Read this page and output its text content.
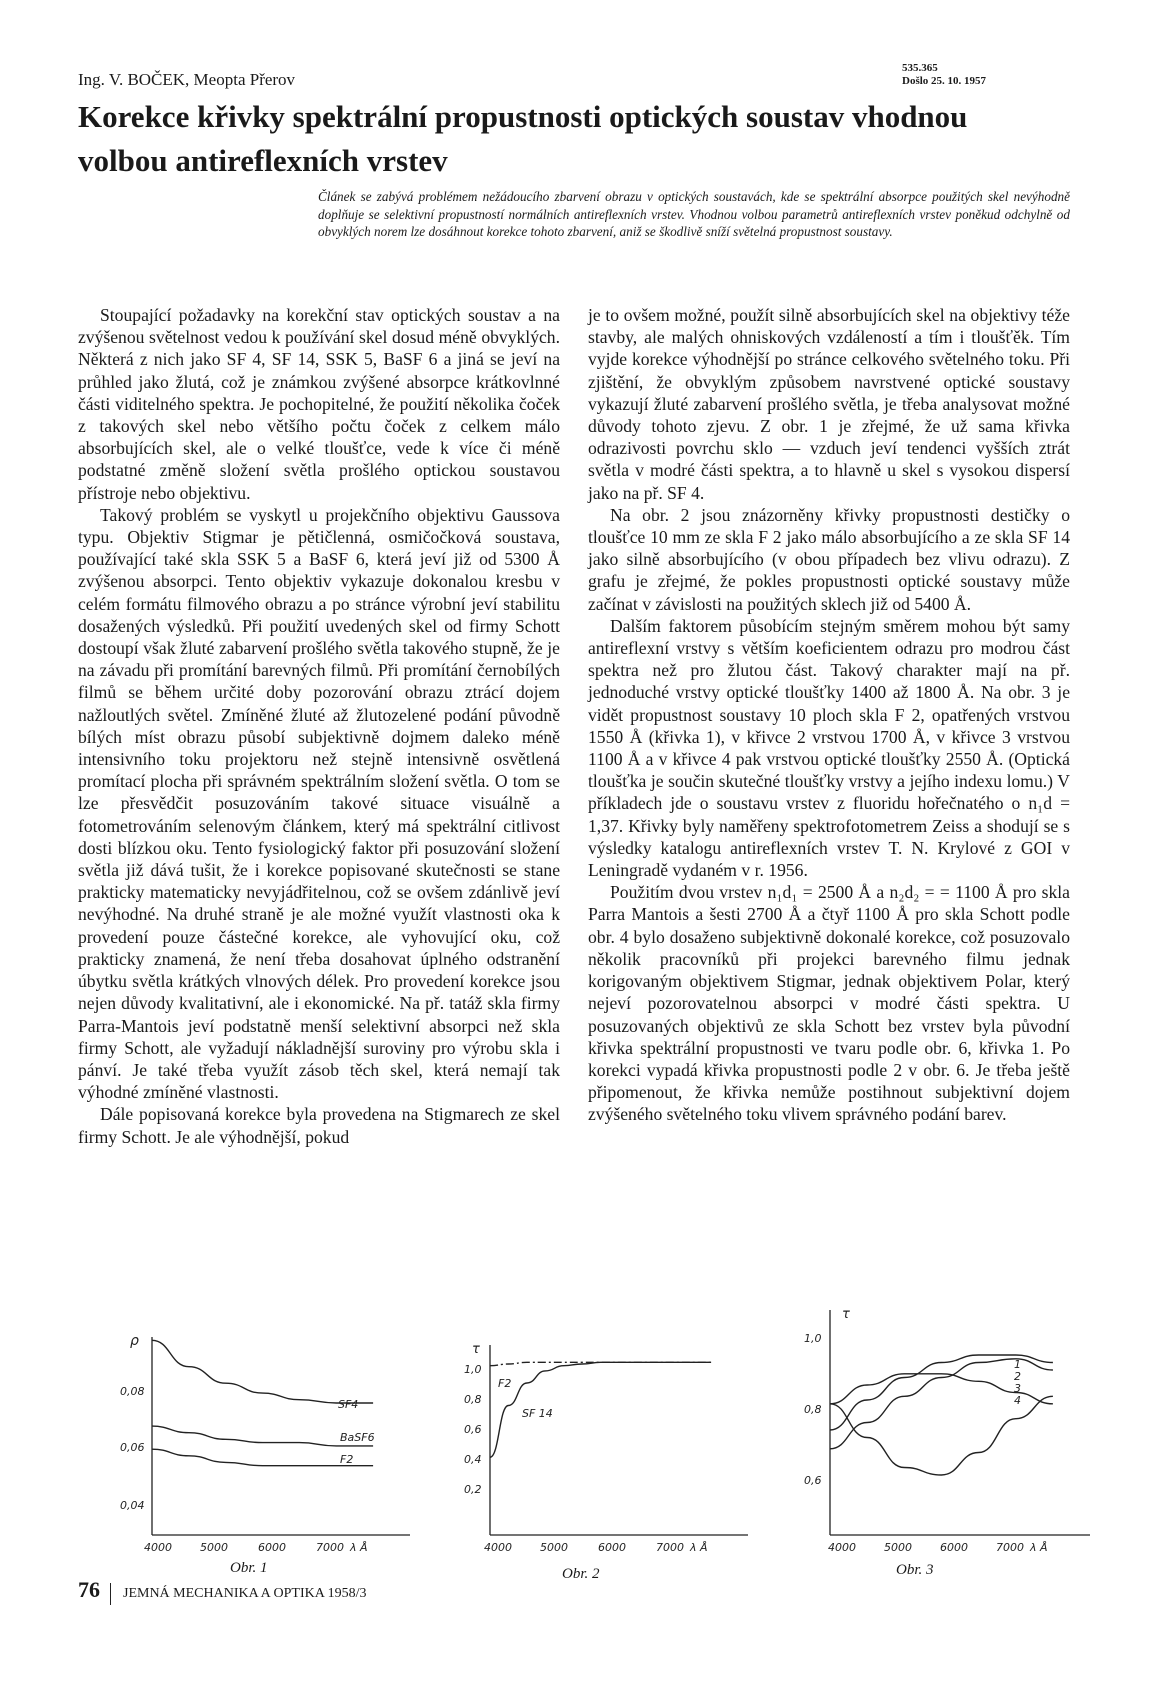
Ing. V. BOČEK, Meopta Přerov
535.365
Došlo 25. 10. 1957
Korekce křivky spektrální propustnosti optických soustav vhodnou volbou antireflexních vrstev
Článek se zabývá problémem nežádoucího zbarvení obrazu v optických soustavách, kde se spektrální absorpce použitých skel nevýhodně doplňuje se selektivní propustností normálních antireflexních vrstev. Vhodnou volbou parametrů antireflexních vrstev poněkud odchylně od obvyklých norem lze dosáhnout korekce tohoto zbarvení, aniž se škodlivě sníží světelná propustnost soustavy.

Stoupající požadavky na korekční stav optických soustav a na zvýšenou světelnost vedou k používání skel dosud méně obvyklých. Některá z nich jako SF 4, SF 14, SSK 5, BaSF 6 a jiná se jeví na průhled jako žlutá, což je známkou zvýšené absorpce krátkovlnné části viditelného spektra. Je pochopitelné, že použití několika čoček z takových skel nebo většího počtu čoček z celkem málo absorbujících skel, ale o velké tloušťce, vede k více či méně podstatné změně složení světla prošlého optickou soustavou přístroje nebo objektivu.

Takový problém se vyskytl u projekčního objektivu Gaussova typu. Objektiv Stigmar je pětičlenná, osmičočková soustava, používající také skla SSK 5 a BaSF 6, která jeví již od 5300 Å zvýšenou absorpci. Tento objektiv vykazuje dokonalou kresbu v celém formátu filmového obrazu a po stránce výrobní jeví stabilitu dosažených výsledků. Při použití uvedených skel od firmy Schott dostoupí však žluté zabarvení prošlého světla takového stupně, že je na závadu při promítání barevných filmů. Při promítání černobílých filmů se během určité doby pozorování obrazu ztrácí dojem nažloutlých světel. Zmíněné žluté až žlutozelené podání původně bílých míst obrazu působí subjektivně dojmem daleko méně intensivního toku projektoru než stejně intensivně osvětlená promítací plocha při správném spektrálním složení světla. O tom se lze přesvědčit posuzováním takové situace visuálně a fotometrováním selenovým článkem, který má spektrální citlivost dosti blízkou oku. Tento fysiologický faktor při posuzování složení světla již dává tušit, že i korekce popisované skutečnosti se stane prakticky matematicky nevyjádřitelnou, což se ovšem zdánlivě jeví nevýhodné. Na druhé straně je ale možné využít vlastnosti oka k provedení pouze částečné korekce, ale vyhovující oku, což prakticky znamená, že není třeba dosahovat úplného odstranění úbytku světla krátkých vlnových délek. Pro provedení korekce jsou nejen důvody kvalitativní, ale i ekonomické. Na př. tatáž skla firmy Parra-Mantois jeví podstatně menší selektivní absorpci než skla firmy Schott, ale vyžadují nákladnější suroviny pro výrobu skla i pánví. Je také třeba využít zásob těch skel, která nemají tak výhodné zmíněné vlastnosti.

Dále popisovaná korekce byla provedena na Stigmarech ze skel firmy Schott. Je ale výhodnější, pokud

je to ovšem možné, použít silně absorbujících skel na objektivy téže stavby, ale malých ohniskových vzdáleností a tím i tloušťěk. Tím vyjde korekce výhodnější po stránce celkového světelného toku. Při zjištění, že obvyklým způsobem navrstvené optické soustavy vykazují žluté zabarvení prošlého světla, je třeba analysovat možné důvody tohoto zjevu. Z obr. 1 je zřejmé, že už sama křivka odrazivosti povrchu sklo — vzduch jeví tendenci vyšších ztrát světla v modré části spektra, a to hlavně u skel s vysokou dispersí jako na př. SF 4.

Na obr. 2 jsou znázorněny křivky propustnosti destičky o tloušťce 10 mm ze skla F 2 jako málo absorbujícího a ze skla SF 14 jako silně absorbujícího (v obou případech bez vlivu odrazu). Z grafu je zřejmé, že pokles propustnosti optické soustavy může začínat v závislosti na použitých sklech již od 5400 Å.

Dalším faktorem působícím stejným směrem mohou být samy antireflexní vrstvy s větším koeficientem odrazu pro modrou část spektra než pro žlutou část. Takový charakter mají na př. jednoduché vrstvy optické tloušťky 1400 až 1800 Å. Na obr. 3 je vidět propustnost soustavy 10 ploch skla F 2, opatřených vrstvou 1550 Å (křivka 1), v křivce 2 vrstvou 1700 Å, v křivce 3 vrstvou 1100 Å a v křivce 4 pak vrstvou optické tloušťky 2550 Å. (Optická tloušťka je součin skutečné tloušťky vrstvy a jejího indexu lomu.) V příkladech jde o soustavu vrstev z fluoridu hořečnatého o n₁d = 1,37. Křivky byly naměřeny spektrofotometrem Zeiss a shodují se s výsledky katalogu antireflexních vrstev T. N. Krylové z GOI v Leningradě vydaném v r. 1956.

Použitím dvou vrstev n₁d₁ = 2500 Å a n₂d₂ = = 1100 Å pro skla Parra Mantois a šesti 2700 Å a čtyř 1100 Å pro skla Schott podle obr. 4 bylo dosaženo subjektivně dokonalé korekce, což posuzovalo několik pracovníků při projekci barevného filmu jednak korigovaným objektivem Stigmar, jednak objektivem Polar, který nejeví pozorovatelnou absorpci v modré části spektra. U posuzovaných objektivů ze skla Schott bez vrstev byla původní křivka spektrální propustnosti ve tvaru podle obr. 6, křivka 1. Po korekci vypadá křivka propustnosti podle 2 v obr. 6. Je třeba ještě připomenout, že křivka nemůže postihnout subjektivní dojem zvýšeného světelného toku vlivem správného podání barev.

ρ
0,08
0,06
0,04
SF4
BaSF6
F2
4000	5000	6000	7000 λ Å
Obr. 1
τ
1,0
0,8
0,6
0,4
0,2
F2
SF 14
4000	5000	6000	7000 λ Å
Obr. 2
τ
1,0
0,8
0,6
1
2
3
4
4000	5000	6000	7000 λ Å
Obr. 3
76 JEMNÁ MECHANIKA A OPTIKA 1958/3
